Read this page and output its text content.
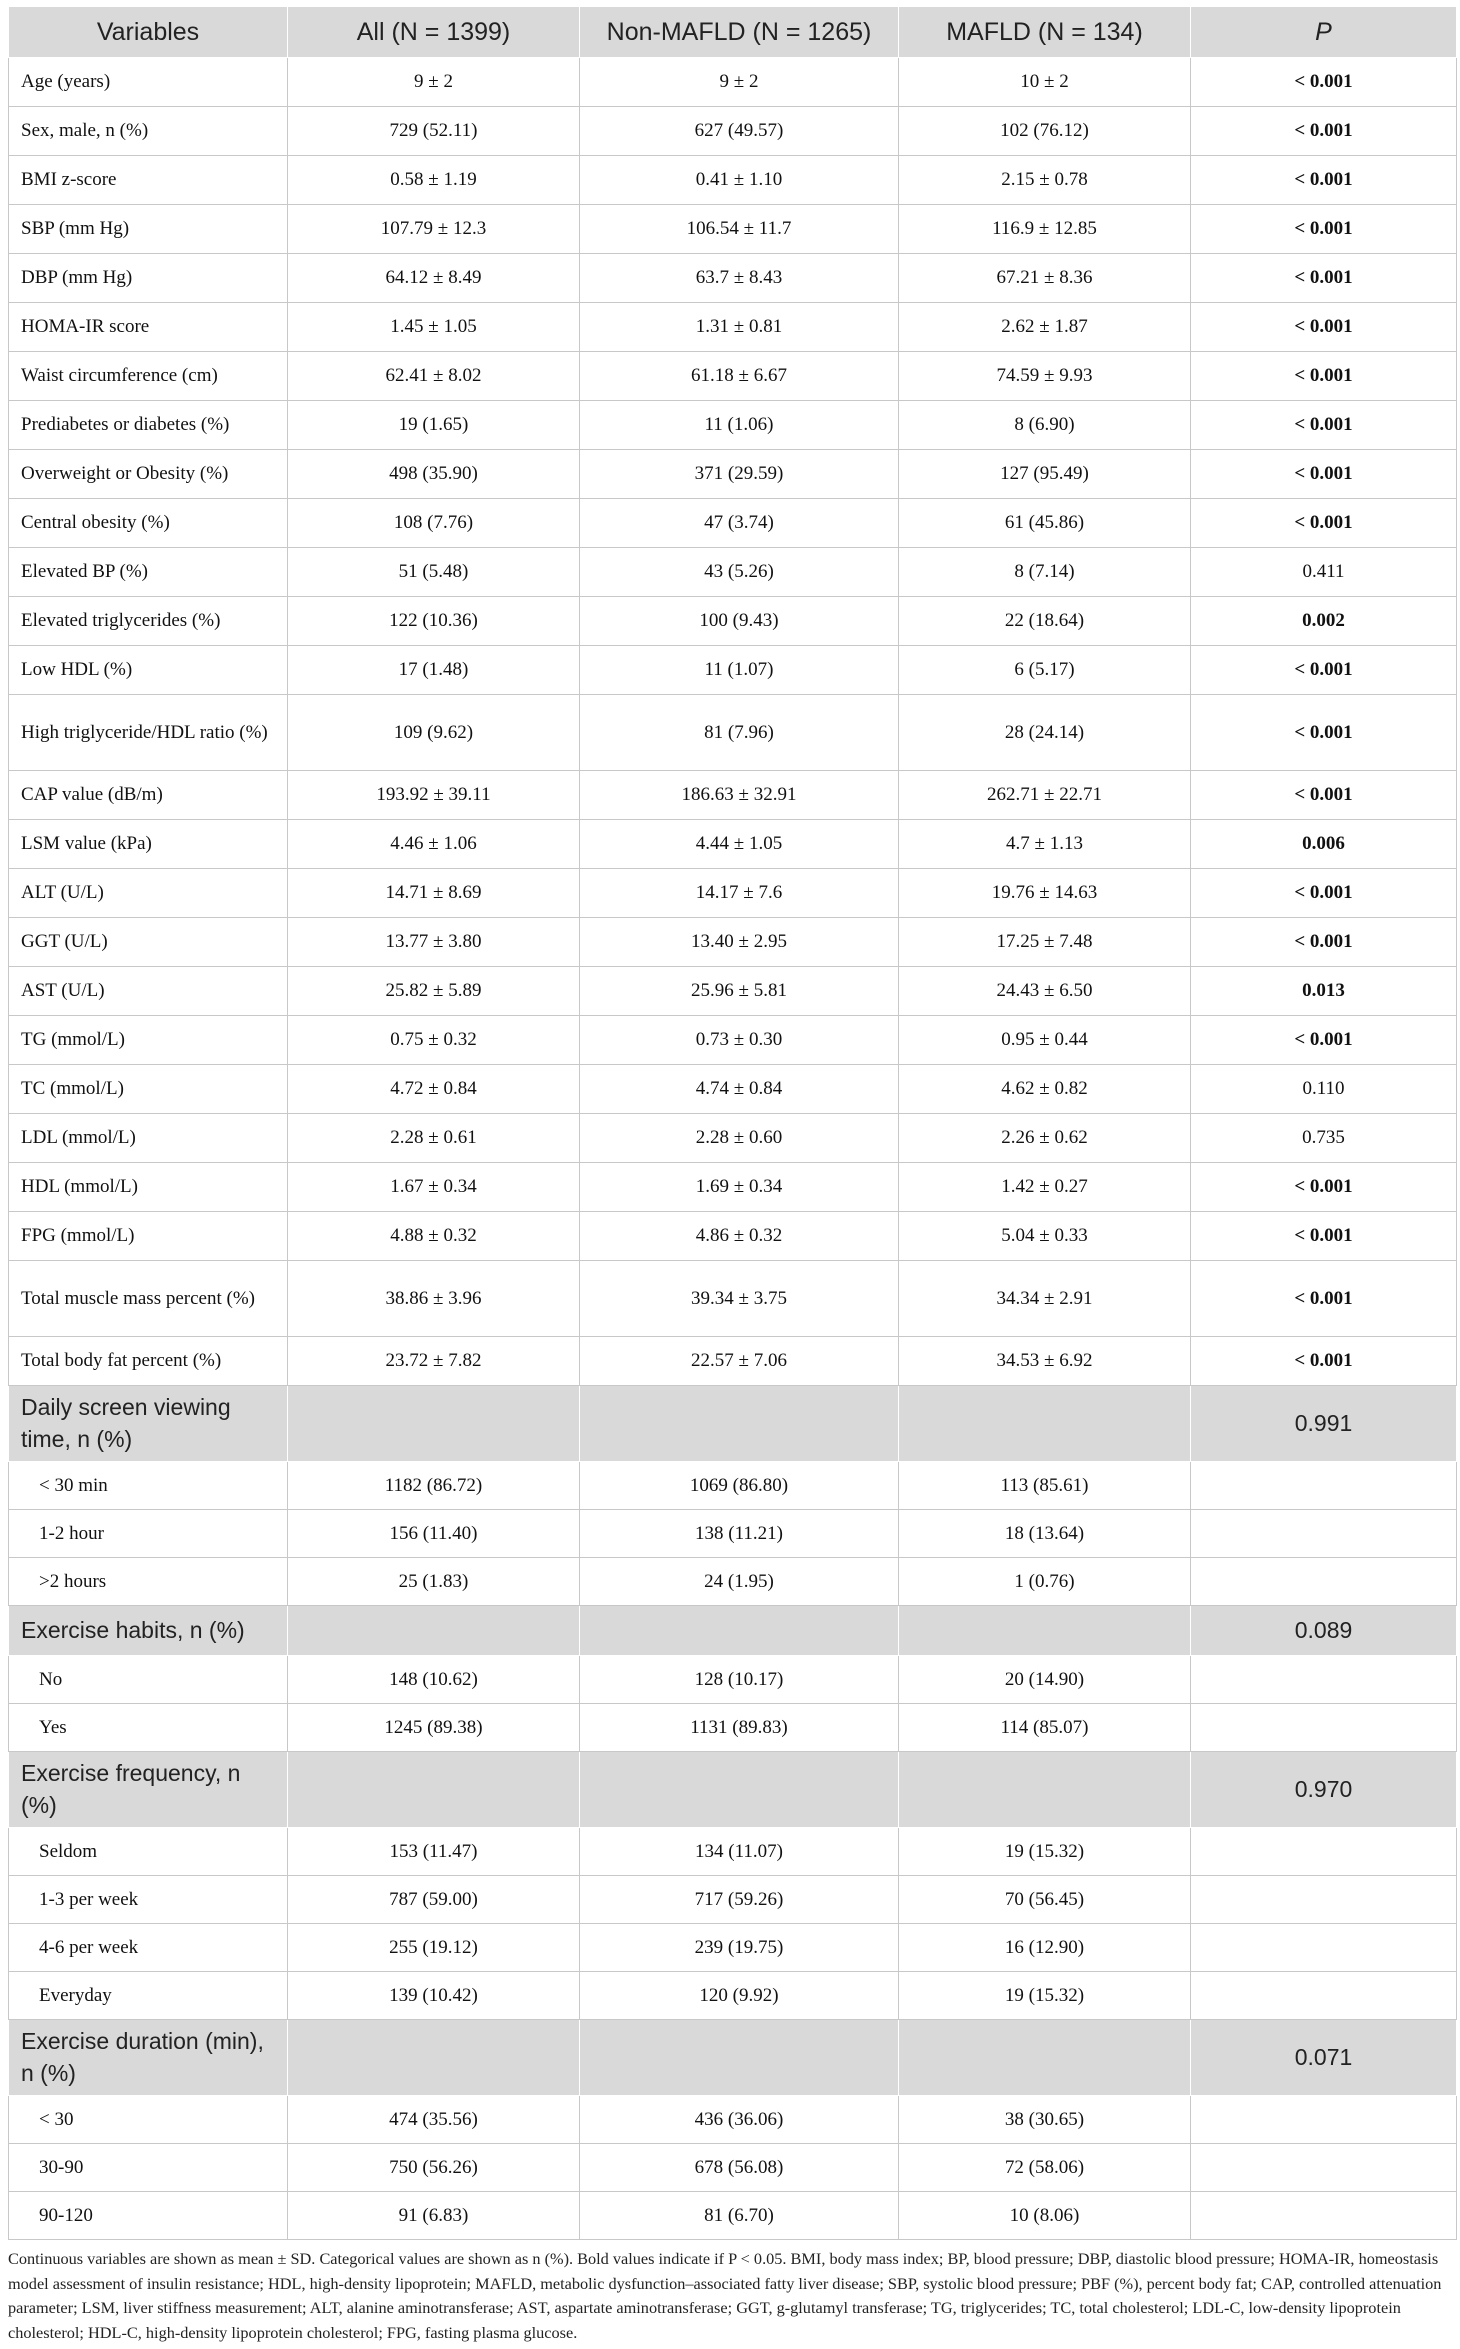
Variables	All (N = 1399)	Non-MAFLD (N = 1265)	MAFLD (N = 134)	P
Age (years)	9 ± 2	9 ± 2	10 ± 2	< 0.001
Sex, male, n (%)	729 (52.11)	627 (49.57)	102 (76.12)	< 0.001
BMI z-score	0.58 ± 1.19	0.41 ± 1.10	2.15 ± 0.78	< 0.001
SBP (mm Hg)	107.79 ± 12.3	106.54 ± 11.7	116.9 ± 12.85	< 0.001
DBP (mm Hg)	64.12 ± 8.49	63.7 ± 8.43	67.21 ± 8.36	< 0.001
HOMA-IR score	1.45 ± 1.05	1.31 ± 0.81	2.62 ± 1.87	< 0.001
Waist circumference (cm)	62.41 ± 8.02	61.18 ± 6.67	74.59 ± 9.93	< 0.001
Prediabetes or diabetes (%)	19 (1.65)	11 (1.06)	8 (6.90)	< 0.001
Overweight or Obesity (%)	498 (35.90)	371 (29.59)	127 (95.49)	< 0.001
Central obesity (%)	108 (7.76)	47 (3.74)	61 (45.86)	< 0.001
Elevated BP (%)	51 (5.48)	43 (5.26)	8 (7.14)	0.411
Elevated triglycerides (%)	122 (10.36)	100 (9.43)	22 (18.64)	0.002
Low HDL (%)	17 (1.48)	11 (1.07)	6 (5.17)	< 0.001
High triglyceride/HDL ratio (%)	109 (9.62)	81 (7.96)	28 (24.14)	< 0.001
CAP value (dB/m)	193.92 ± 39.11	186.63 ± 32.91	262.71 ± 22.71	< 0.001
LSM value (kPa)	4.46 ± 1.06	4.44 ± 1.05	4.7 ± 1.13	0.006
ALT (U/L)	14.71 ± 8.69	14.17 ± 7.6	19.76 ± 14.63	< 0.001
GGT (U/L)	13.77 ± 3.80	13.40 ± 2.95	17.25 ± 7.48	< 0.001
AST (U/L)	25.82 ± 5.89	25.96 ± 5.81	24.43 ± 6.50	0.013
TG (mmol/L)	0.75 ± 0.32	0.73 ± 0.30	0.95 ± 0.44	< 0.001
TC (mmol/L)	4.72 ± 0.84	4.74 ± 0.84	4.62 ± 0.82	0.110
LDL (mmol/L)	2.28 ± 0.61	2.28 ± 0.60	2.26 ± 0.62	0.735
HDL (mmol/L)	1.67 ± 0.34	1.69 ± 0.34	1.42 ± 0.27	< 0.001
FPG (mmol/L)	4.88 ± 0.32	4.86 ± 0.32	5.04 ± 0.33	< 0.001
Total muscle mass percent (%)	38.86 ± 3.96	39.34 ± 3.75	34.34 ± 2.91	< 0.001
Total body fat percent (%)	23.72 ± 7.82	22.57 ± 7.06	34.53 ± 6.92	< 0.001
Daily screen viewing time, n (%)				0.991
< 30 min	1182 (86.72)	1069 (86.80)	113 (85.61)	
1-2 hour	156 (11.40)	138 (11.21)	18 (13.64)	
>2 hours	25 (1.83)	24 (1.95)	1 (0.76)	
Exercise habits, n (%)				0.089
No	148 (10.62)	128 (10.17)	20 (14.90)	
Yes	1245 (89.38)	1131 (89.83)	114 (85.07)	
Exercise frequency, n (%)				0.970
Seldom	153 (11.47)	134 (11.07)	19 (15.32)	
1-3 per week	787 (59.00)	717 (59.26)	70 (56.45)	
4-6 per week	255 (19.12)	239 (19.75)	16 (12.90)	
Everyday	139 (10.42)	120 (9.92)	19 (15.32)	
Exercise duration (min), n (%)				0.071
< 30	474 (35.56)	436 (36.06)	38 (30.65)	
30-90	750 (56.26)	678 (56.08)	72 (58.06)	
90-120	91 (6.83)	81 (6.70)	10 (8.06)	
Continuous variables are shown as mean ± SD. Categorical values are shown as n (%). Bold values indicate if P < 0.05. BMI, body mass index; BP, blood pressure; DBP, diastolic blood pressure; HOMA-IR, homeostasis model assessment of insulin resistance; HDL, high-density lipoprotein; MAFLD, metabolic dysfunction–associated fatty liver disease; SBP, systolic blood pressure; PBF (%), percent body fat; CAP, controlled attenuation parameter; LSM, liver stiffness measurement; ALT, alanine aminotransferase; AST, aspartate aminotransferase; GGT, g-glutamyl transferase; TG, triglycerides; TC, total cholesterol; LDL-C, low-density lipoprotein cholesterol; HDL-C, high-density lipoprotein cholesterol; FPG, fasting plasma glucose.
